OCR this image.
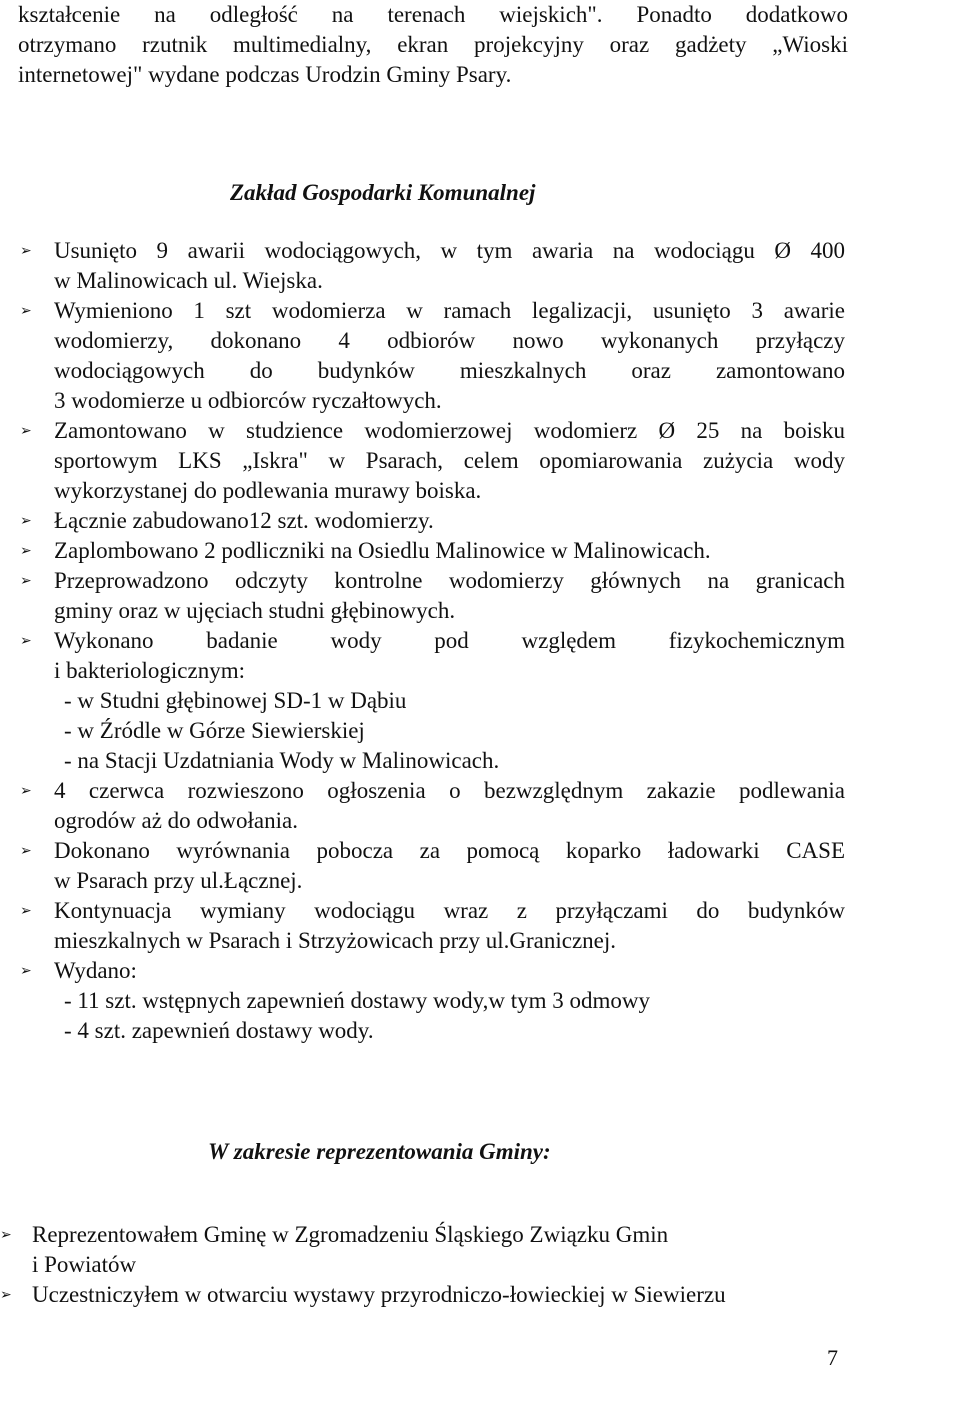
kształcenie na odległość na terenach wiejskich". Ponadto dodatkowo
otrzymano rzutnik multimedialny, ekran projekcyjny oraz gadżety „Wioski
internetowej" wydane podczas Urodzin Gminy Psary.
Zakład Gospodarki Komunalnej
➢ Usunięto 9 awarii wodociągowych, w tym awaria na wodociągu Ø 400
w Malinowicach ul. Wiejska.
➢ Wymieniono 1 szt wodomierza w ramach legalizacji, usunięto 3 awarie
wodomierzy, dokonano 4 odbiorów nowo wykonanych przyłączy
wodociągowych do budynków mieszkalnych oraz zamontowano
3 wodomierze u odbiorców ryczałtowych.
➢ Zamontowano w studzience wodomierzowej wodomierz Ø 25 na boisku
sportowym LKS „Iskra" w Psarach, celem opomiarowania zużycia wody
wykorzystanej do podlewania murawy boiska.
➢ Łącznie zabudowano12 szt. wodomierzy.
➢ Zaplombowano 2 podliczniki na Osiedlu Malinowice w Malinowicach.
➢ Przeprowadzono odczyty kontrolne wodomierzy głównych na granicach
gminy oraz w ujęciach studni głębinowych.
➢ Wykonano badanie wody pod względem fizykochemicznym
i bakteriologicznym:
- w Studni głębinowej SD-1 w Dąbiu
- w Źródle w Górze Siewierskiej
- na Stacji Uzdatniania Wody w Malinowicach.
➢ 4 czerwca rozwieszono ogłoszenia o bezwzględnym zakazie podlewania
ogrodów aż do odwołania.
➢ Dokonano wyrównania pobocza za pomocą koparko ładowarki CASE
w Psarach przy ul.Łącznej.
➢ Kontynuacja wymiany wodociągu wraz z przyłączami do budynków
mieszkalnych w Psarach i Strzyżowicach przy ul.Granicznej.
➢ Wydano:
- 11 szt. wstępnych zapewnień dostawy wody,w tym 3 odmowy
- 4 szt. zapewnień dostawy wody.
W zakresie reprezentowania Gminy:
➢ Reprezentowałem Gminę w Zgromadzeniu Śląskiego Związku Gmin
i Powiatów
➢ Uczestniczyłem w otwarciu wystawy przyrodniczo-łowieckiej w Siewierzu
7
